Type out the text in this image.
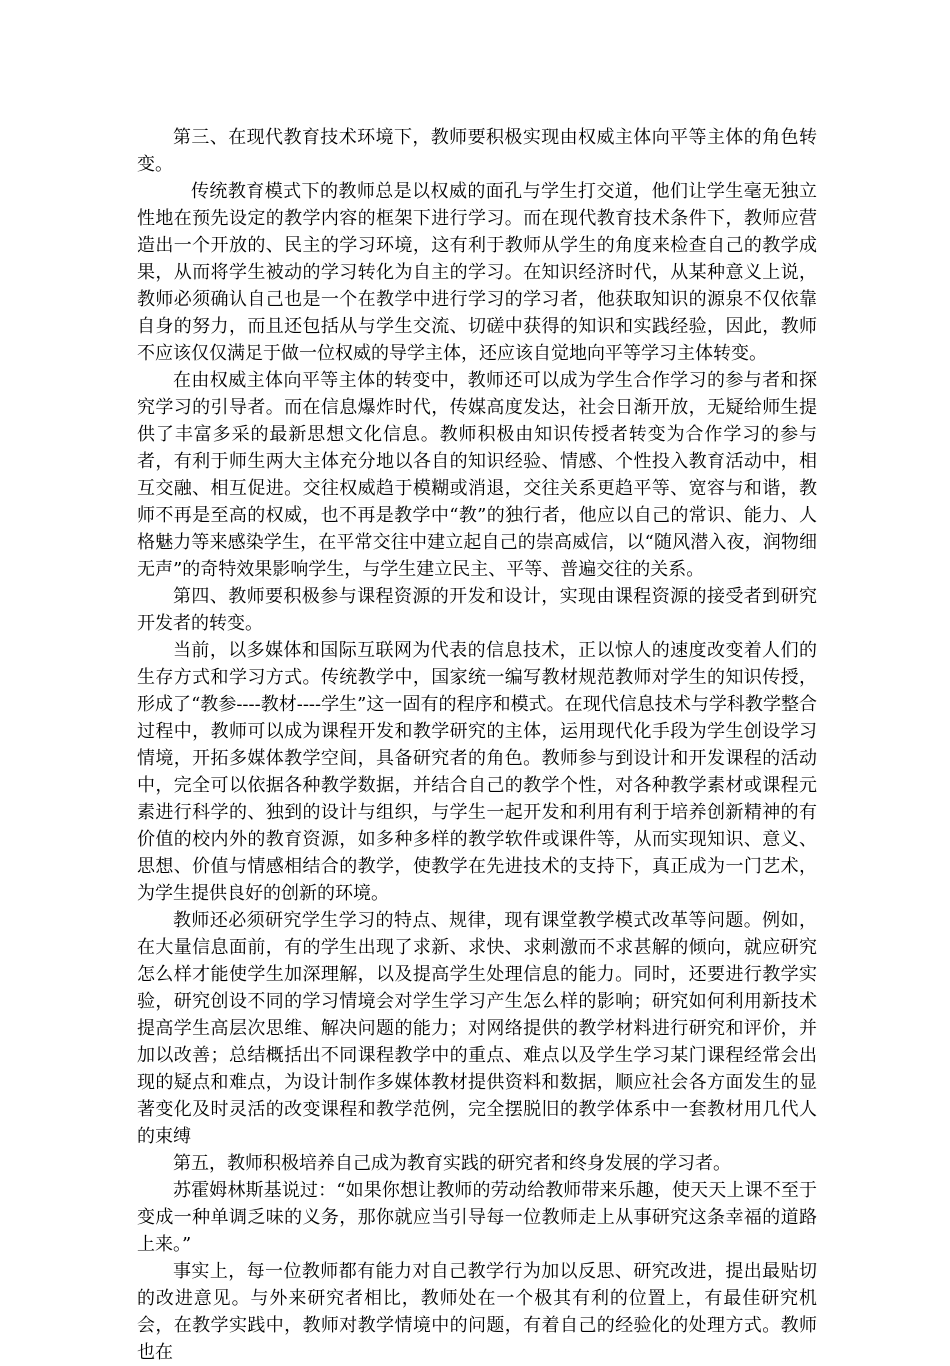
第三、在现代教育技术环境下，教师要积极实现由权威主体向平等主体的角色转变。

传统教育模式下的教师总是以权威的面孔与学生打交道，他们让学生毫无独立性地在预先设定的教学内容的框架下进行学习。而在现代教育技术条件下，教师应营造出一个开放的、民主的学习环境，这有利于教师从学生的角度来检查自己的教学成果，从而将学生被动的学习转化为自主的学习。在知识经济时代，从某种意义上说，教师必须确认自己也是一个在教学中进行学习的学习者，他获取知识的源泉不仅依靠自身的努力，而且还包括从与学生交流、切磋中获得的知识和实践经验，因此，教师不应该仅仅满足于做一位权威的导学主体，还应该自觉地向平等学习主体转变。

在由权威主体向平等主体的转变中，教师还可以成为学生合作学习的参与者和探究学习的引导者。而在信息爆炸时代，传媒高度发达，社会日渐开放，无疑给师生提供了丰富多采的最新思想文化信息。教师积极由知识传授者转变为合作学习的参与者，有利于师生两大主体充分地以各自的知识经验、情感、个性投入教育活动中，相互交融、相互促进。交往权威趋于模糊或消退，交往关系更趋平等、宽容与和谐，教师不再是至高的权威，也不再是教学中“教”的独行者，他应以自己的常识、能力、人格魅力等来感染学生，在平常交往中建立起自己的崇高威信，以“随风潜入夜，润物细无声”的奇特效果影响学生，与学生建立民主、平等、普遍交往的关系。

第四、教师要积极参与课程资源的开发和设计，实现由课程资源的接受者到研究开发者的转变。

当前，以多媒体和国际互联网为代表的信息技术，正以惊人的速度改变着人们的生存方式和学习方式。传统教学中，国家统一编写教材规范教师对学生的知识传授，形成了“教参----教材----学生”这一固有的程序和模式。在现代信息技术与学科教学整合过程中，教师可以成为课程开发和教学研究的主体，运用现代化手段为学生创设学习情境，开拓多媒体教学空间，具备研究者的角色。教师参与到设计和开发课程的活动中，完全可以依据各种教学数据，并结合自己的教学个性，对各种教学素材或课程元素进行科学的、独到的设计与组织，与学生一起开发和利用有利于培养创新精神的有价值的校内外的教育资源，如多种多样的教学软件或课件等，从而实现知识、意义、思想、价值与情感相结合的教学，使教学在先进技术的支持下，真正成为一门艺术，为学生提供良好的创新的环境。

教师还必须研究学生学习的特点、规律，现有课堂教学模式改革等问题。例如，在大量信息面前，有的学生出现了求新、求快、求刺激而不求甚解的倾向，就应研究怎么样才能使学生加深理解，以及提高学生处理信息的能力。同时，还要进行教学实验，研究创设不同的学习情境会对学生学习产生怎么样的影响；研究如何利用新技术提高学生高层次思维、解决问题的能力；对网络提供的教学材料进行研究和评价，并加以改善；总结概括出不同课程教学中的重点、难点以及学生学习某门课程经常会出现的疑点和难点，为设计制作多媒体教材提供资料和数据，顺应社会各方面发生的显著变化及时灵活的改变课程和教学范例，完全摆脱旧的教学体系中一套教材用几代人的束缚

第五，教师积极培养自己成为教育实践的研究者和终身发展的学习者。

苏霍姆林斯基说过：“如果你想让教师的劳动给教师带来乐趣，使天天上课不至于变成一种单调乏味的义务，那你就应当引导每一位教师走上从事研究这条幸福的道路上来。”

事实上，每一位教师都有能力对自己教学行为加以反思、研究改进，提出最贴切的改进意见。与外来研究者相比，教师处在一个极其有利的位置上，有最佳研究机会，在教学实践中，教师对教学情境中的问题，有着自己的经验化的处理方式。教师也在
